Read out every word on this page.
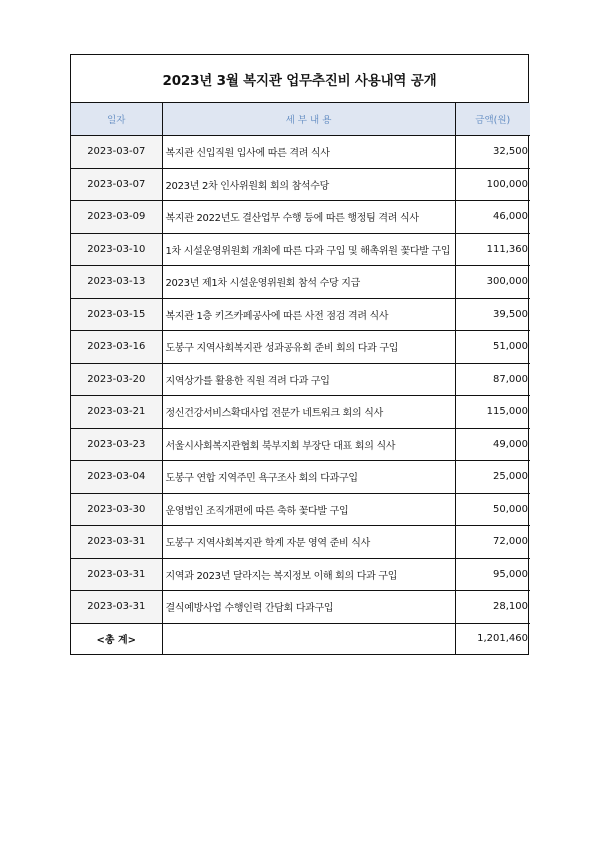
2023년 3월 복지관 업무추진비 사용내역 공개
일자	세 부 내 용	금액(원)
2023-03-07	복지관 신입직원 입사에 따른 격려 식사	32,500
2023-03-07	2023년 2차 인사위원회 회의 참석수당	100,000
2023-03-09	복지관 2022년도 결산업무 수행 등에 따른 행정팀 격려 식사	46,000
2023-03-10	1차 시설운영위원회 개최에 따른 다과 구입 및 해촉위원 꽃다발 구입	111,360
2023-03-13	2023년 제1차 시설운영위원회 참석 수당 지급	300,000
2023-03-15	복지관 1층 키즈카페공사에 따른 사전 점검 격려 식사	39,500
2023-03-16	도봉구 지역사회복지관 성과공유회 준비 회의 다과 구입	51,000
2023-03-20	지역상가를 활용한 직원 격려 다과 구입	87,000
2023-03-21	정신건강서비스확대사업 전문가 네트워크 회의 식사	115,000
2023-03-23	서울시사회복지관협회 북부지회 부장단 대표 회의 식사	49,000
2023-03-04	도봉구 연합 지역주민 욕구조사 회의 다과구입	25,000
2023-03-30	운영법인 조직개편에 따른 축하 꽃다발 구입	50,000
2023-03-31	도봉구 지역사회복지관 학계 자문 영역 준비 식사	72,000
2023-03-31	지역과 2023년 달라지는 복지정보 이해 회의 다과 구입	95,000
2023-03-31	결식예방사업 수행인력 간담회 다과구입	28,100
<총 계>		1,201,460
